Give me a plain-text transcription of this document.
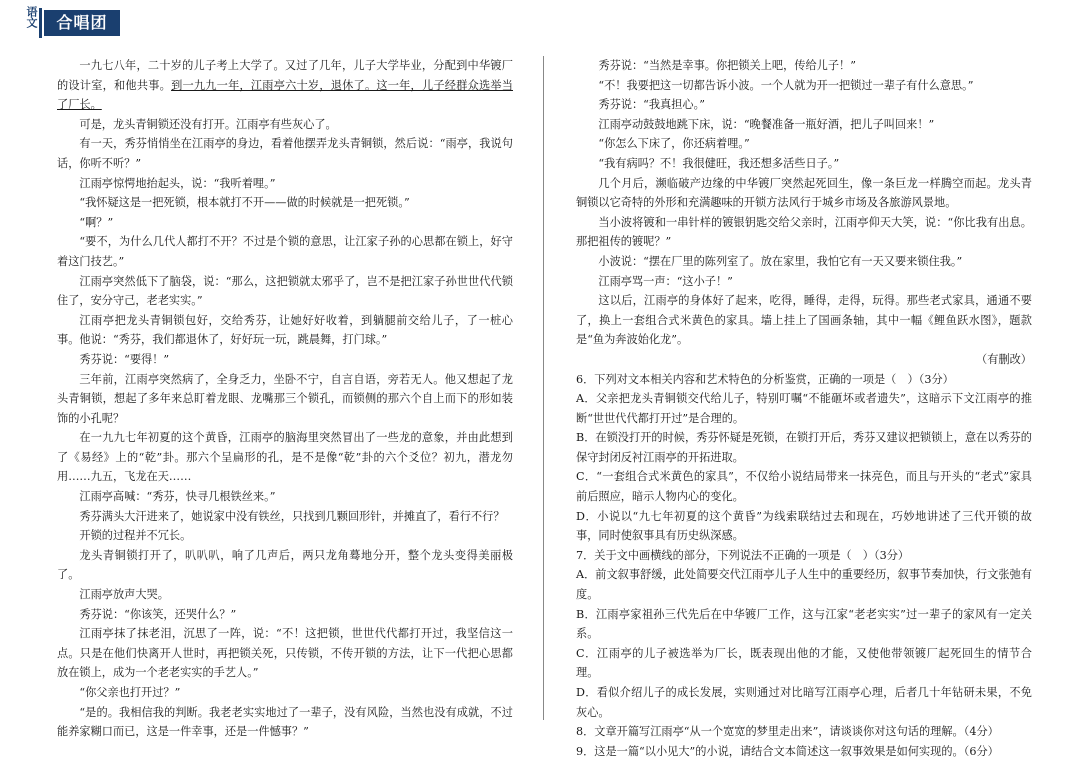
语文	合唱团

一九七八年，二十岁的儿子考上大学了。又过了几年，儿子大学毕业，分配到中华镀厂的设计室，和他共事。到一九九一年，江雨亭六十岁，退休了。这一年，儿子经群众选举当了厂长。

可是，龙头青铜锁还没有打开。江雨亭有些灰心了。

有一天，秀芬悄悄坐在江雨亭的身边，看着他摆弄龙头青铜锁，然后说：“雨亭，我说句话，你听不听？”

江雨亭惊愕地抬起头，说：“我听着哩。”

“我怀疑这是一把死锁，根本就打不开——做的时候就是一把死锁。”

“啊？”

“要不，为什么几代人都打不开？不过是个锁的意思，让江家子孙的心思都在锁上，好守着这门技艺。”

江雨亭突然低下了脑袋，说：“那么，这把锁就太邪乎了，岂不是把江家子孙世世代代锁住了，安分守己，老老实实。”

江雨亭把龙头青铜锁包好，交给秀芬，让她好好收着，到躺腿前交给儿子，了一桩心事。他说：“秀芬，我们都退休了，好好玩一玩，跳晨舞，打门球。”

秀芬说：“要得！”

三年前，江雨亭突然病了，全身乏力，坐卧不宁，自言自语，旁若无人。他又想起了龙头青铜锁，想起了多年来总盯着龙眼、龙嘴那三个锁孔，而锁侧的那六个自上而下的形如装饰的小孔呢？

在一九九七年初夏的这个黄昏，江雨亭的脑海里突然冒出了一些龙的意象，并由此想到了《易经》上的“乾”卦。那六个呈扁形的孔，是不是像“乾”卦的六个爻位？初九，潜龙勿用……九五，飞龙在天……

江雨亭高喊：“秀芬，快寻几根铁丝来。”

秀芬满头大汗进来了，她说家中没有铁丝，只找到几颗回形针，并摊直了，看行不行？

开锁的过程并不冗长。

龙头青铜锁打开了，叭叭叭，响了几声后，两只龙角蓦地分开，整个龙头变得美丽极了。

江雨亭放声大哭。

秀芬说：“你该笑，还哭什么？”

江雨亭抹了抹老泪，沉思了一阵，说：“不！这把锁，世世代代都打开过，我坚信这一点。只是在他们快离开人世时，再把锁关死，只传锁，不传开锁的方法，让下一代把心思都放在锁上，成为一个老老实实的手艺人。”

“你父亲也打开过？”

“是的。我相信我的判断。我老老实实地过了一辈子，没有风险，当然也没有成就，不过能养家糊口而已，这是一件幸事，还是一件憾事？”

秀芬说：“当然是幸事。你把锁关上吧，传给儿子！”

“不！我要把这一切都告诉小波。一个人就为开一把锁过一辈子有什么意思。”

秀芬说：“我真担心。”

江雨亭动鼓鼓地跳下床，说：“晚餐准备一瓶好酒，把儿子叫回来！”

“你怎么下床了，你还病着哩。”

“我有病吗？不！我很健旺，我还想多活些日子。”

几个月后，濒临破产边缘的中华镀厂突然起死回生，像一条巨龙一样腾空而起。龙头青铜锁以它奇特的外形和充满趣味的开锁方法风行于城乡市场及各旅游风景地。

当小波将镀和一串针样的镀银钥匙交给父亲时，江雨亭仰天大笑，说：“你比我有出息。那把祖传的镀呢？”

小波说：“摆在厂里的陈列室了。放在家里，我怕它有一天又要来锁住我。”

江雨亭骂一声：“这小子！”

这以后，江雨亭的身体好了起来，吃得，睡得，走得，玩得。那些老式家具，通通不要了，换上一套组合式米黄色的家具。墙上挂上了国画条轴，其中一幅《鲤鱼跃水图》，题款是“鱼为奔波始化龙”。

（有删改）

6．下列对文本相关内容和艺术特色的分析鉴赏，正确的一项是（　）（3分）

A．父亲把龙头青铜锁交代给儿子，特别叮嘱“不能砸坏或者遗失”，这暗示下文江雨亭的推断“世世代代都打开过”是合理的。

B．在锁没打开的时候，秀芬怀疑是死锁，在锁打开后，秀芬又建议把锁锁上，意在以秀芬的保守封闭反衬江雨亭的开拓进取。

C．“一套组合式米黄色的家具”，不仅给小说结局带来一抹亮色，而且与开头的“老式”家具前后照应，暗示人物内心的变化。

D．小说以“九七年初夏的这个黄昏”为线索联结过去和现在，巧妙地讲述了三代开锁的故事，同时使叙事具有历史纵深感。

7．关于文中画横线的部分，下列说法不正确的一项是（　）（3分）

A．前文叙事舒缓，此处简要交代江雨亭儿子人生中的重要经历，叙事节奏加快，行文张弛有度。

B．江雨亭家祖孙三代先后在中华镀厂工作，这与江家“老老实实”过一辈子的家风有一定关系。

C．江雨亭的儿子被选举为厂长，既表现出他的才能，又使他带领镀厂起死回生的情节合理。

D．看似介绍儿子的成长发展，实则通过对比暗写江雨亭心理，后者几十年钻研未果，不免灰心。

8．文章开篇写江雨亭“从一个宽宽的梦里走出来”，请谈谈你对这句话的理解。（4分）

9．这是一篇“以小见大”的小说，请结合文本简述这一叙事效果是如何实现的。（6分）
